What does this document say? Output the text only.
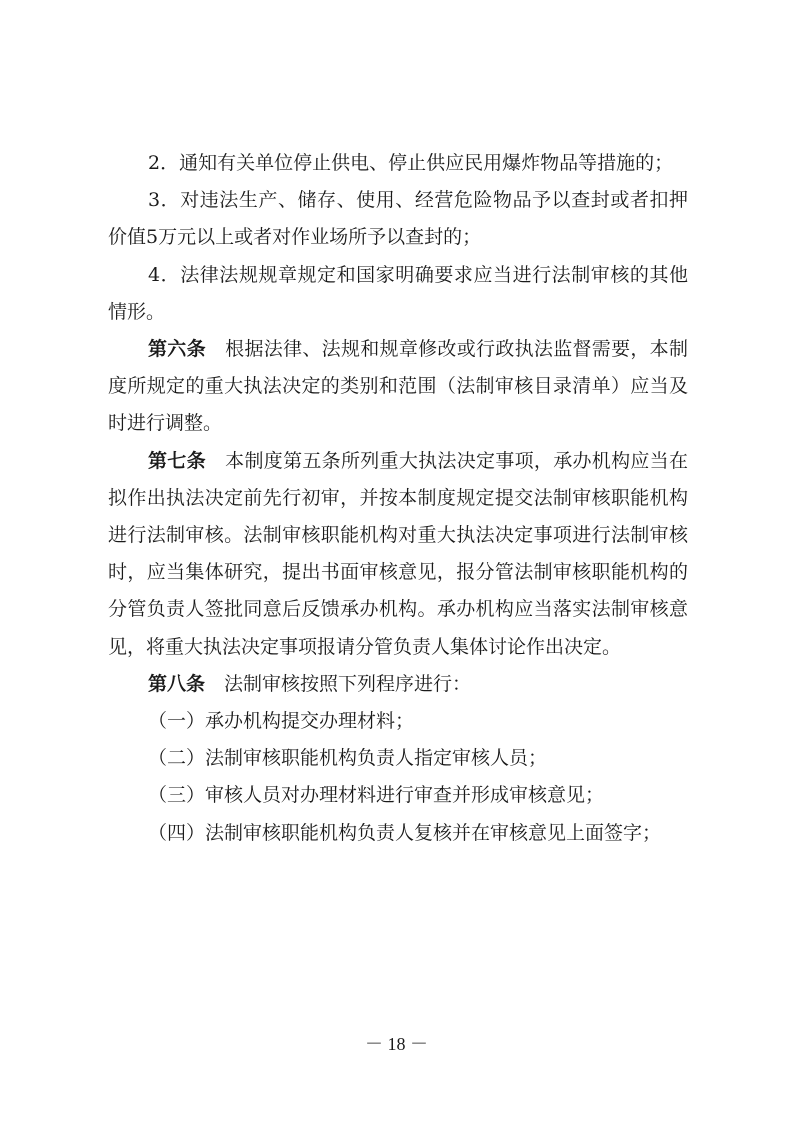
2．通知有关单位停止供电、停止供应民用爆炸物品等措施的；

3．对违法生产、储存、使用、经营危险物品予以查封或者扣押价值5万元以上或者对作业场所予以查封的；

4．法律法规规章规定和国家明确要求应当进行法制审核的其他情形。

第六条  根据法律、法规和规章修改或行政执法监督需要，本制度所规定的重大执法决定的类别和范围（法制审核目录清单）应当及时进行调整。

第七条  本制度第五条所列重大执法决定事项，承办机构应当在拟作出执法决定前先行初审，并按本制度规定提交法制审核职能机构进行法制审核。法制审核职能机构对重大执法决定事项进行法制审核时，应当集体研究，提出书面审核意见，报分管法制审核职能机构的分管负责人签批同意后反馈承办机构。承办机构应当落实法制审核意见，将重大执法决定事项报请分管负责人集体讨论作出决定。

第八条  法制审核按照下列程序进行：

（一）承办机构提交办理材料；

（二）法制审核职能机构负责人指定审核人员；

（三）审核人员对办理材料进行审查并形成审核意见；

（四）法制审核职能机构负责人复核并在审核意见上面签字；

－ 18 －
